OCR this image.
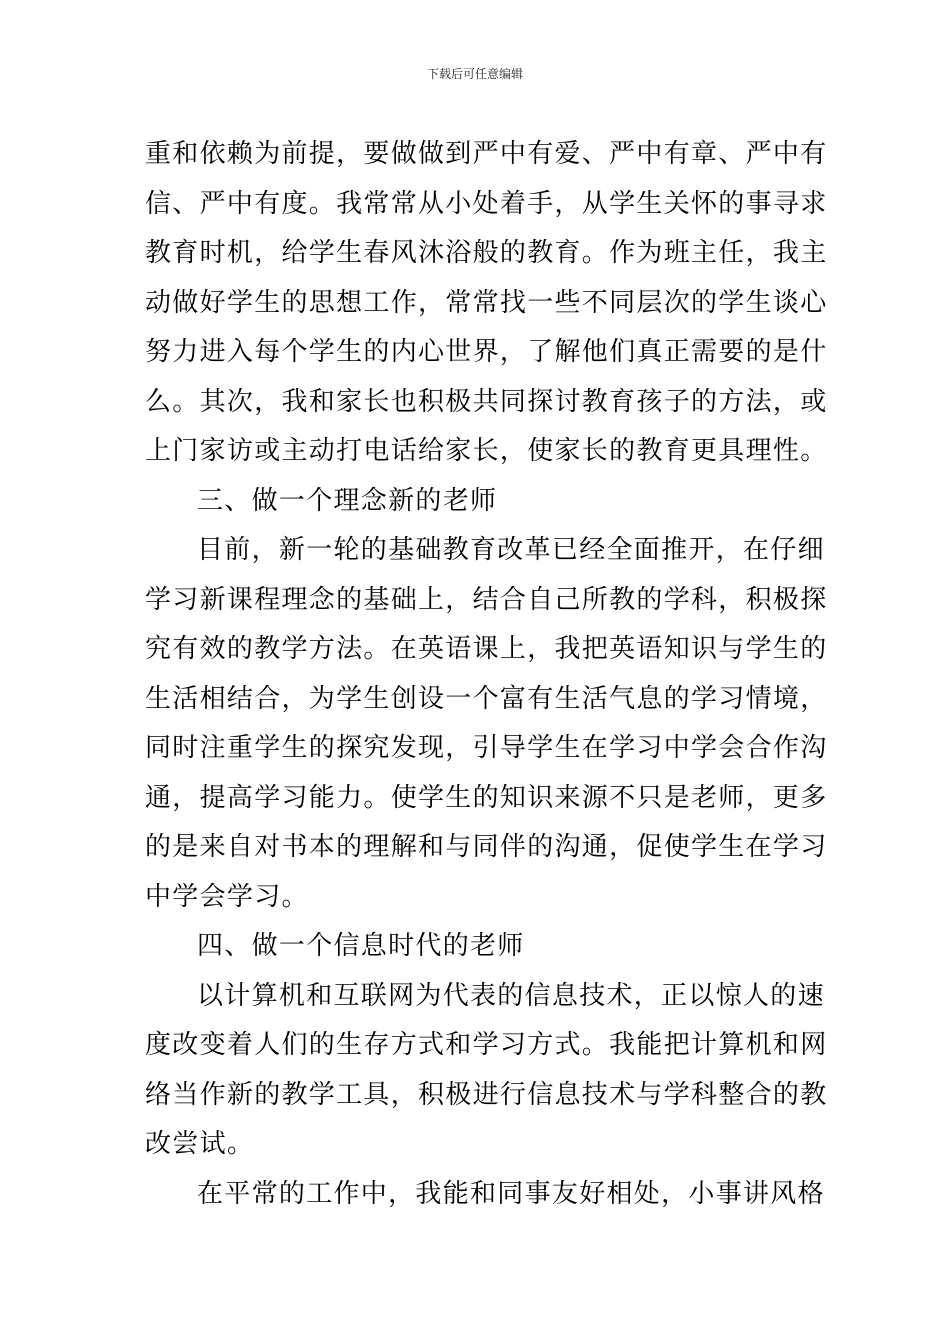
下载后可任意编辑
重和依赖为前提，要做做到严中有爱、严中有章、严中有
信、严中有度。我常常从小处着手，从学生关怀的事寻求
教育时机，给学生春风沐浴般的教育。作为班主任，我主
动做好学生的思想工作，常常找一些不同层次的学生谈心
努力进入每个学生的内心世界，了解他们真正需要的是什
么。其次，我和家长也积极共同探讨教育孩子的方法，或
上门家访或主动打电话给家长，使家长的教育更具理性。
三、做一个理念新的老师
目前，新一轮的基础教育改革已经全面推开，在仔细
学习新课程理念的基础上，结合自己所教的学科，积极探
究有效的教学方法。在英语课上，我把英语知识与学生的
生活相结合，为学生创设一个富有生活气息的学习情境，
同时注重学生的探究发现，引导学生在学习中学会合作沟
通，提高学习能力。使学生的知识来源不只是老师，更多
的是来自对书本的理解和与同伴的沟通，促使学生在学习
中学会学习。
四、做一个信息时代的老师
以计算机和互联网为代表的信息技术，正以惊人的速
度改变着人们的生存方式和学习方式。我能把计算机和网
络当作新的教学工具，积极进行信息技术与学科整合的教
改尝试。
在平常的工作中，我能和同事友好相处，小事讲风格
